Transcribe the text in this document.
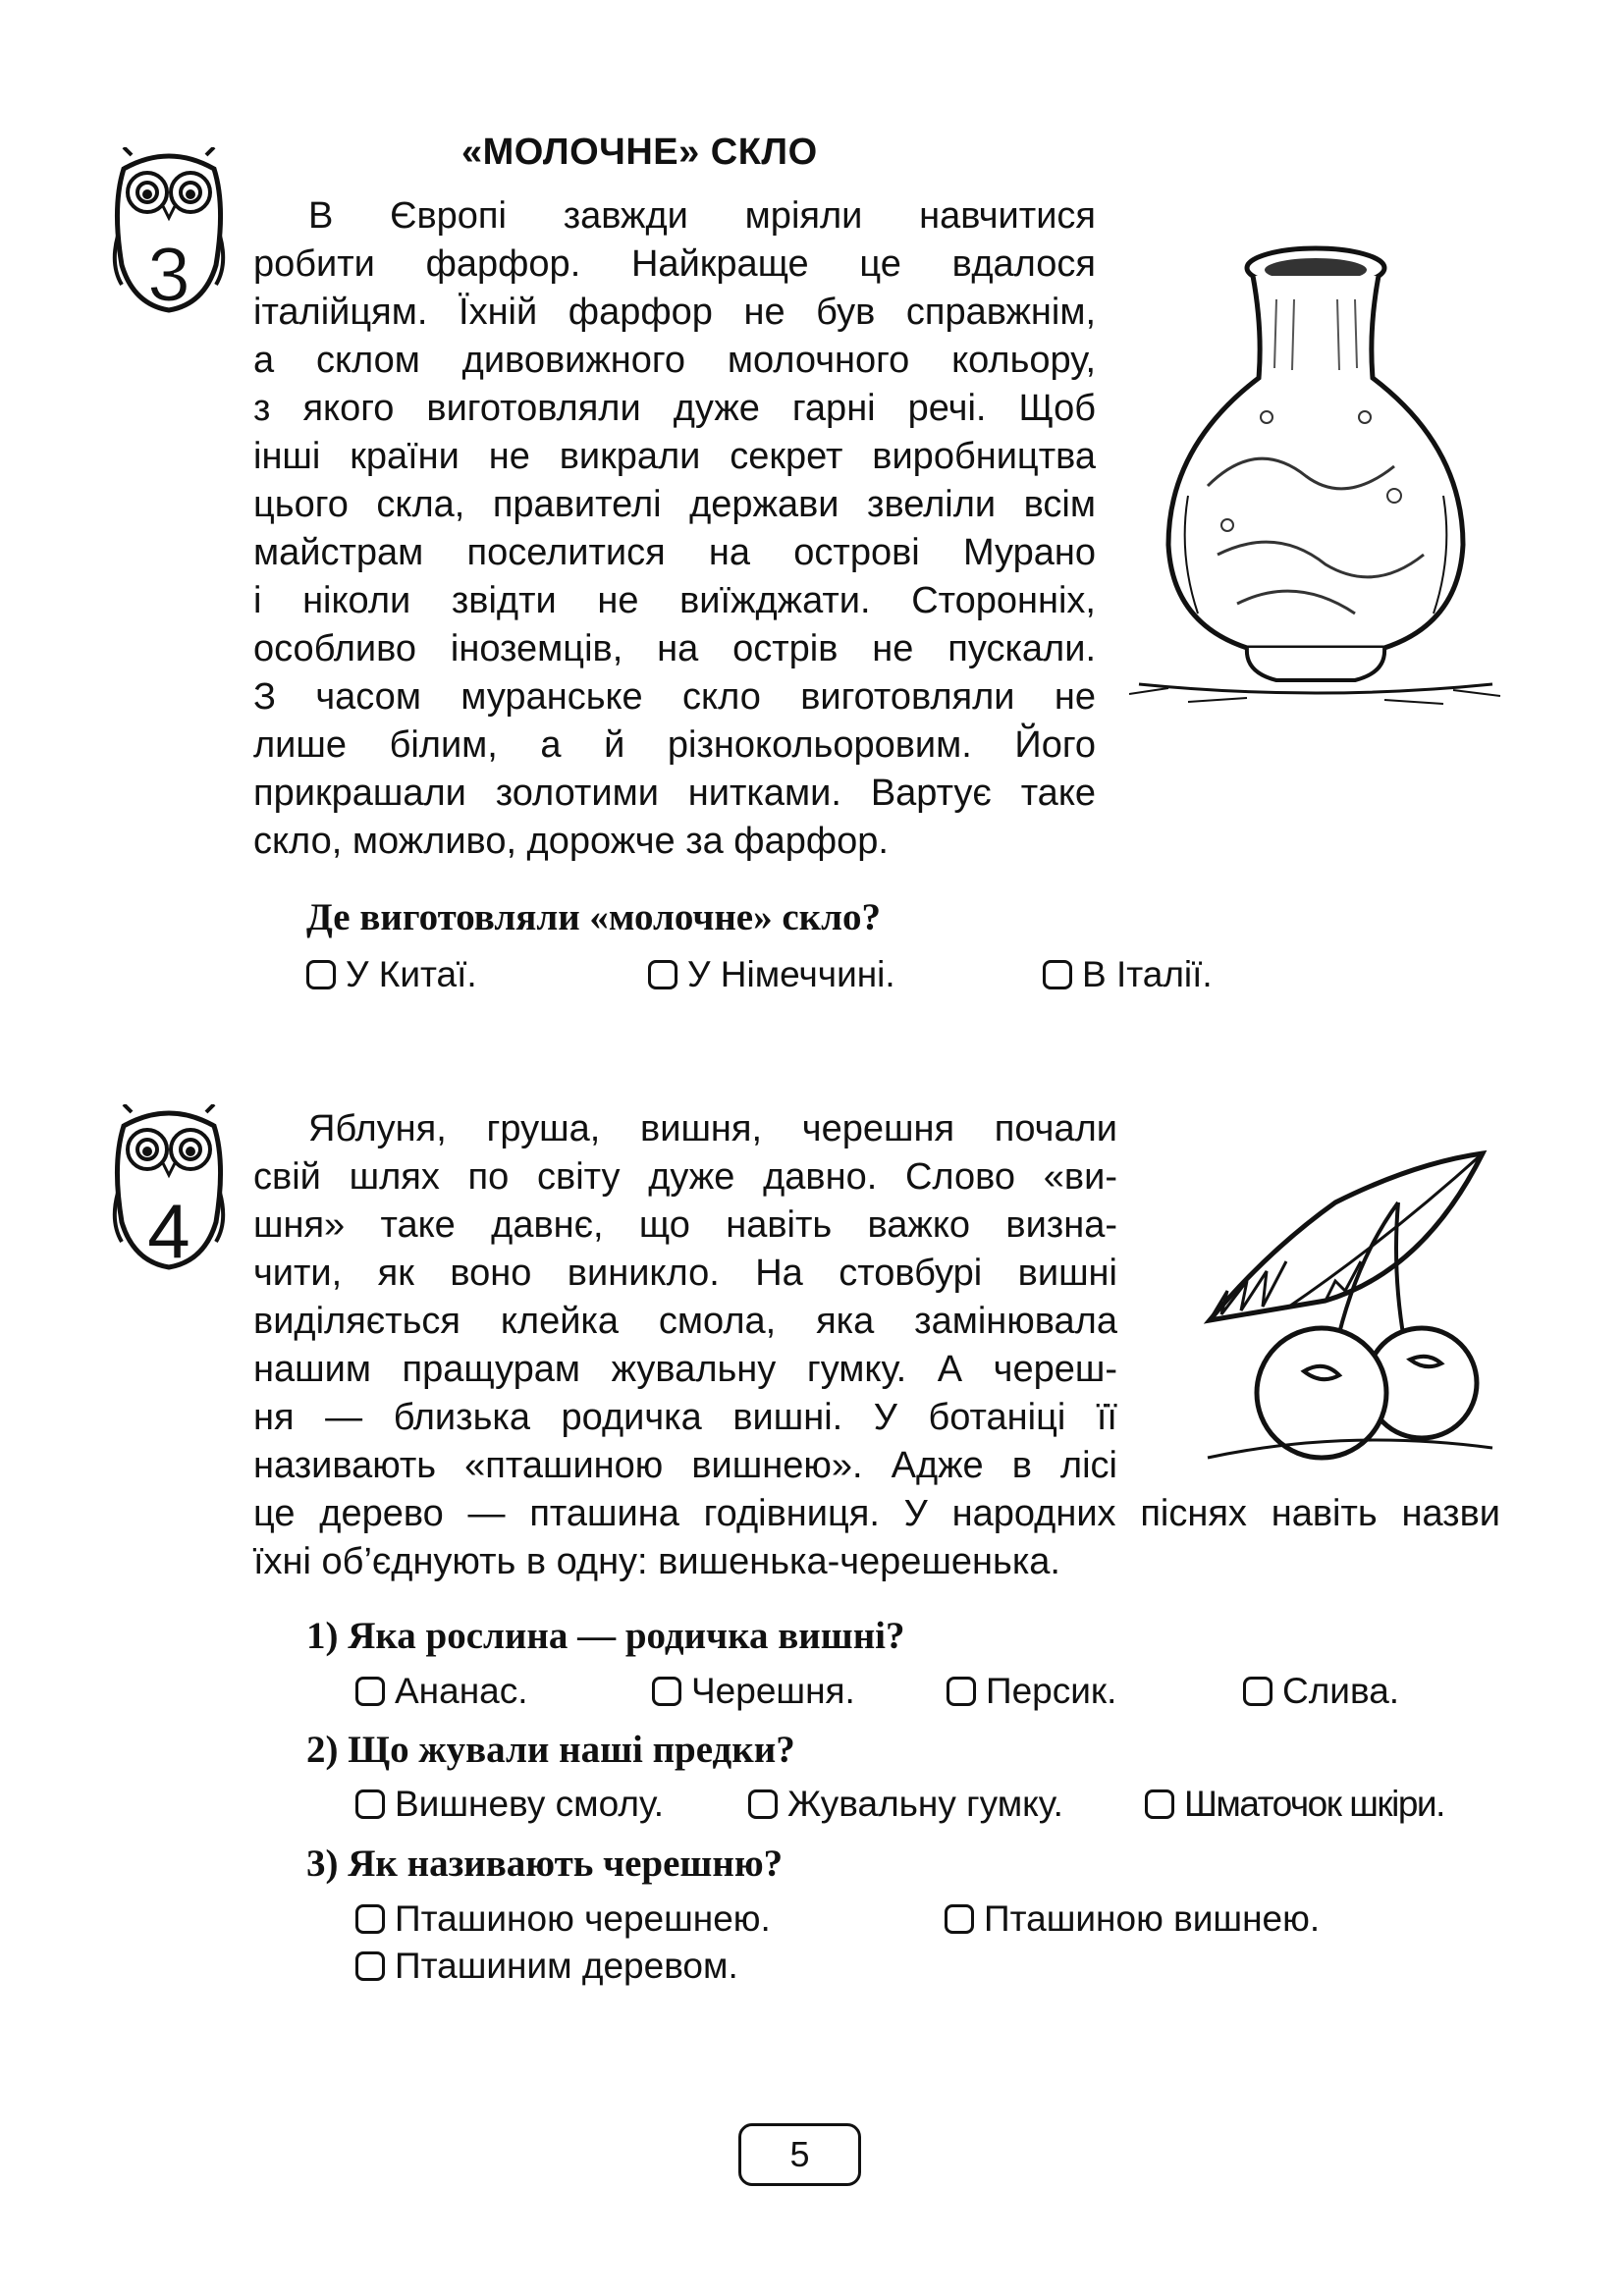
3
«МОЛОЧНЕ» СКЛО
В Європі завжди мріяли навчитися
робити фарфор. Найкраще це вдалося
італійцям. Їхній фарфор не був справжнім,
а склом дивовижного молочного кольору,
з якого виготовляли дуже гарні речі. Щоб
інші країни не викрали секрет виробництва
цього скла, правителі держави звеліли всім
майстрам поселитися на острові Мурано
і ніколи звідти не виїжджати. Сторонніх,
особливо іноземців, на острів не пускали.
З часом муранське скло виготовляли не
лише білим, а й різнокольоровим. Його
прикрашали золотими нитками. Вартує таке
скло, можливо, дорожче за фарфор.
Де виготовляли «молочне» скло?
У Китаї.	У Німеччині.	В Італії.
4
Яблуня, груша, вишня, черешня почали
свій шлях по світу дуже давно. Слово «ви-
шня» таке давнє, що навіть важко визна-
чити, як воно виникло. На стовбурі вишні
виділяється клейка смола, яка замінювала
нашим пращурам жувальну гумку. А череш-
ня — близька родичка вишні. У ботаніці її
називають «пташиною вишнею». Адже в лісі
це дерево — пташина годівниця. У народних піснях навіть назви
їхні об’єднують в одну: вишенька-черешенька.
1) Яка рослина — родичка вишні?
Ананас.	Черешня.	Персик.	Слива.
2) Що жували наші предки?
Вишневу смолу.	Жувальну гумку.	Шматочок шкіри.
3) Як називають черешню?
Пташиною черешнею.	Пташиною вишнею.
Пташиним деревом.
5
